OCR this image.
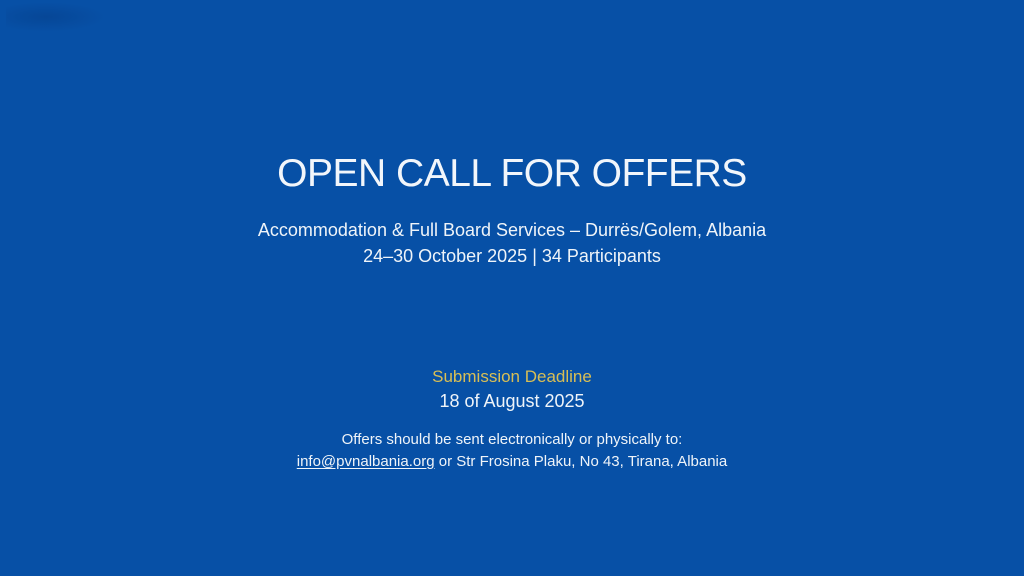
OPEN CALL FOR OFFERS

Accommodation & Full Board Services – Durrës/Golem, Albania

24–30 October 2025 | 34 Participants

Submission Deadline

18 of August 2025

Offers should be sent electronically or physically to:

info@pvnalbania.org or Str Frosina Plaku, No 43, Tirana, Albania
